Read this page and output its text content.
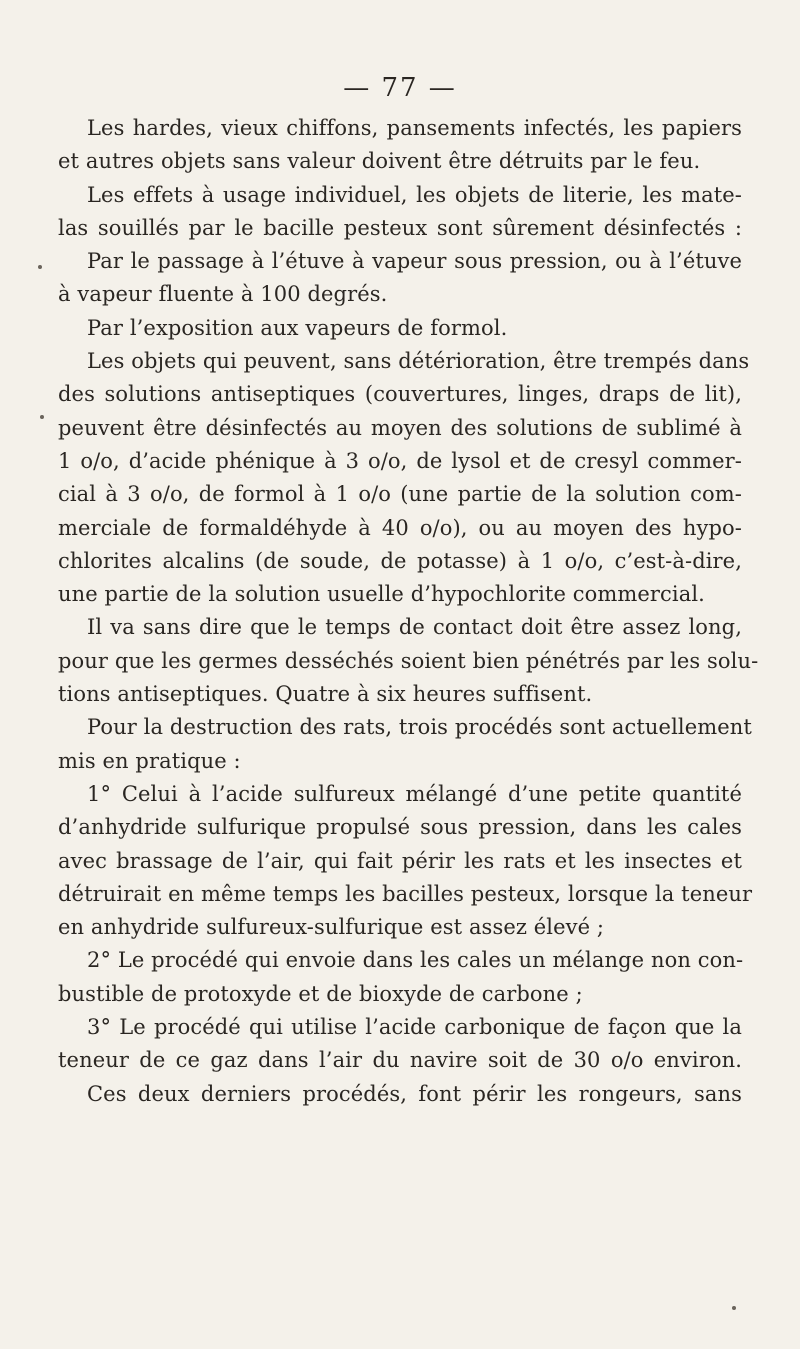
— 77 —
Les hardes, vieux chiffons, pansements infectés, les papiers
et autres objets sans valeur doivent être détruits par le feu.
Les effets à usage individuel, les objets de literie, les mate-
las souillés par le bacille pesteux sont sûrement désinfectés :
Par le passage à l’étuve à vapeur sous pression, ou à l’étuve
à vapeur fluente à 100 degrés.
Par l’exposition aux vapeurs de formol.
Les objets qui peuvent, sans détérioration, être trempés dans
des solutions antiseptiques (couvertures, linges, draps de lit),
peuvent être désinfectés au moyen des solutions de sublimé à
1 o/o, d’acide phénique à 3 o/o, de lysol et de cresyl commer-
cial à 3 o/o, de formol à 1 o/o (une partie de la solution com-
merciale de formaldéhyde à 40 o/o), ou au moyen des hypo-
chlorites alcalins (de soude, de potasse) à 1 o/o, c’est-à-dire,
une partie de la solution usuelle d’hypochlorite commercial.
Il va sans dire que le temps de contact doit être assez long,
pour que les germes desséchés soient bien pénétrés par les solu-
tions antiseptiques. Quatre à six heures suffisent.
Pour la destruction des rats, trois procédés sont actuellement
mis en pratique :
1° Celui à l’acide sulfureux mélangé d’une petite quantité
d’anhydride sulfurique propulsé sous pression, dans les cales
avec brassage de l’air, qui fait périr les rats et les insectes et
détruirait en même temps les bacilles pesteux, lorsque la teneur
en anhydride sulfureux-sulfurique est assez élevé ;
2° Le procédé qui envoie dans les cales un mélange non con-
bustible de protoxyde et de bioxyde de carbone ;
3° Le procédé qui utilise l’acide carbonique de façon que la
teneur de ce gaz dans l’air du navire soit de 30 o/o environ.
Ces deux derniers procédés, font périr les rongeurs, sans
